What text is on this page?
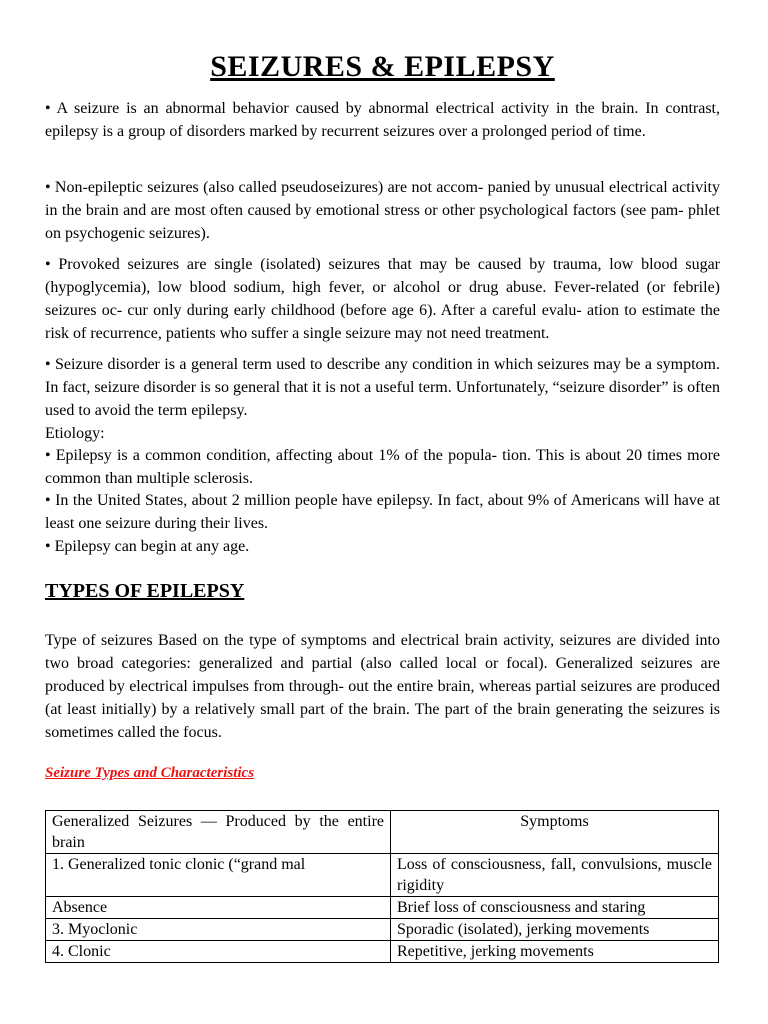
SEIZURES & EPILEPSY

• A seizure is an abnormal behavior caused by abnormal electrical activity in the brain. In contrast, epilepsy is a group of disorders marked by recurrent seizures over a prolonged period of time.

• Non-epileptic seizures (also called pseudoseizures) are not accom- panied by unusual electrical activity in the brain and are most often caused by emotional stress or other psychological factors (see pam- phlet on psychogenic seizures).

• Provoked seizures are single (isolated) seizures that may be caused by trauma, low blood sugar (hypoglycemia), low blood sodium, high fever, or alcohol or drug abuse. Fever-related (or febrile) seizures oc- cur only during early childhood (before age 6). After a careful evalu- ation to estimate the risk of recurrence, patients who suffer a single seizure may not need treatment.

• Seizure disorder is a general term used to describe any condition in which seizures may be a symptom. In fact, seizure disorder is so general that it is not a useful term. Unfortunately, “seizure disorder” is often used to avoid the term epilepsy.

Etiology:

• Epilepsy is a common condition, affecting about 1% of the popula- tion. This is about 20 times more common than multiple sclerosis.

• In the United States, about 2 million people have epilepsy. In fact, about 9% of Americans will have at least one seizure during their lives.

• Epilepsy can begin at any age.

TYPES OF EPILEPSY

Type of seizures Based on the type of symptoms and electrical brain activity, seizures are divided into two broad categories: generalized and partial (also called local or focal). Generalized seizures are produced by electrical impulses from through- out the entire brain, whereas partial seizures are produced (at least initially) by a relatively small part of the brain. The part of the brain generating the seizures is sometimes called the focus.

Seizure Types and Characteristics
Generalized Seizures — Produced by the entire brain	Symptoms
1. Generalized tonic clonic (“grand mal	Loss of consciousness, fall, convulsions, muscle rigidity
Absence	Brief loss of consciousness and staring
3. Myoclonic	Sporadic (isolated), jerking movements
4. Clonic	Repetitive, jerking movements
